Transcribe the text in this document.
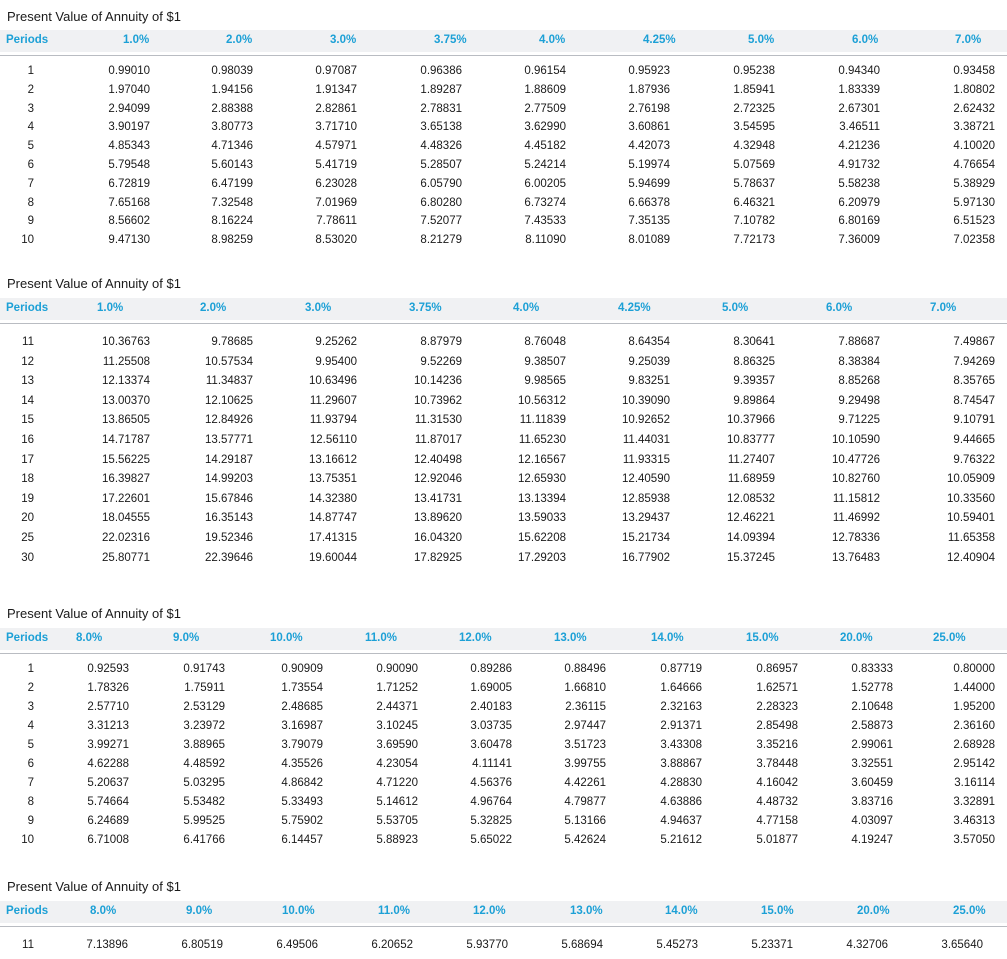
Present Value of Annuity of $1
Periods	1.0%	2.0%	3.0%	3.75%	4.0%	4.25%	5.0%	6.0%	7.0%
1	0.99010	0.98039	0.97087	0.96386	0.96154	0.95923	0.95238	0.94340	0.93458
2	1.97040	1.94156	1.91347	1.89287	1.88609	1.87936	1.85941	1.83339	1.80802
3	2.94099	2.88388	2.82861	2.78831	2.77509	2.76198	2.72325	2.67301	2.62432
4	3.90197	3.80773	3.71710	3.65138	3.62990	3.60861	3.54595	3.46511	3.38721
5	4.85343	4.71346	4.57971	4.48326	4.45182	4.42073	4.32948	4.21236	4.10020
6	5.79548	5.60143	5.41719	5.28507	5.24214	5.19974	5.07569	4.91732	4.76654
7	6.72819	6.47199	6.23028	6.05790	6.00205	5.94699	5.78637	5.58238	5.38929
8	7.65168	7.32548	7.01969	6.80280	6.73274	6.66378	6.46321	6.20979	5.97130
9	8.56602	8.16224	7.78611	7.52077	7.43533	7.35135	7.10782	6.80169	6.51523
10	9.47130	8.98259	8.53020	8.21279	8.11090	8.01089	7.72173	7.36009	7.02358
Present Value of Annuity of $1
Periods	1.0%	2.0%	3.0%	3.75%	4.0%	4.25%	5.0%	6.0%	7.0%
11	10.36763	9.78685	9.25262	8.87979	8.76048	8.64354	8.30641	7.88687	7.49867
12	11.25508	10.57534	9.95400	9.52269	9.38507	9.25039	8.86325	8.38384	7.94269
13	12.13374	11.34837	10.63496	10.14236	9.98565	9.83251	9.39357	8.85268	8.35765
14	13.00370	12.10625	11.29607	10.73962	10.56312	10.39090	9.89864	9.29498	8.74547
15	13.86505	12.84926	11.93794	11.31530	11.11839	10.92652	10.37966	9.71225	9.10791
16	14.71787	13.57771	12.56110	11.87017	11.65230	11.44031	10.83777	10.10590	9.44665
17	15.56225	14.29187	13.16612	12.40498	12.16567	11.93315	11.27407	10.47726	9.76322
18	16.39827	14.99203	13.75351	12.92046	12.65930	12.40590	11.68959	10.82760	10.05909
19	17.22601	15.67846	14.32380	13.41731	13.13394	12.85938	12.08532	11.15812	10.33560
20	18.04555	16.35143	14.87747	13.89620	13.59033	13.29437	12.46221	11.46992	10.59401
25	22.02316	19.52346	17.41315	16.04320	15.62208	15.21734	14.09394	12.78336	11.65358
30	25.80771	22.39646	19.60044	17.82925	17.29203	16.77902	15.37245	13.76483	12.40904
Present Value of Annuity of $1
Periods 8.0%	9.0%	10.0%	11.0%	12.0%	13.0%	14.0%	15.0%	20.0%	25.0%
1	0.92593	0.91743	0.90909	0.90090	0.89286	0.88496	0.87719	0.86957	0.83333	0.80000
2	1.78326	1.75911	1.73554	1.71252	1.69005	1.66810	1.64666	1.62571	1.52778	1.44000
3	2.57710	2.53129	2.48685	2.44371	2.40183	2.36115	2.32163	2.28323	2.10648	1.95200
4	3.31213	3.23972	3.16987	3.10245	3.03735	2.97447	2.91371	2.85498	2.58873	2.36160
5	3.99271	3.88965	3.79079	3.69590	3.60478	3.51723	3.43308	3.35216	2.99061	2.68928
6	4.62288	4.48592	4.35526	4.23054	4.11141	3.99755	3.88867	3.78448	3.32551	2.95142
7	5.20637	5.03295	4.86842	4.71220	4.56376	4.42261	4.28830	4.16042	3.60459	3.16114
8	5.74664	5.53482	5.33493	5.14612	4.96764	4.79877	4.63886	4.48732	3.83716	3.32891
9	6.24689	5.99525	5.75902	5.53705	5.32825	5.13166	4.94637	4.77158	4.03097	3.46313
10	6.71008	6.41766	6.14457	5.88923	5.65022	5.42624	5.21612	5.01877	4.19247	3.57050
Present Value of Annuity of $1
Periods	8.0%	9.0%	10.0%	11.0%	12.0%	13.0%	14.0%	15.0%	20.0%	25.0%
11	7.13896	6.80519	6.49506	6.20652	5.93770	5.68694	5.45273	5.23371	4.32706	3.65640
